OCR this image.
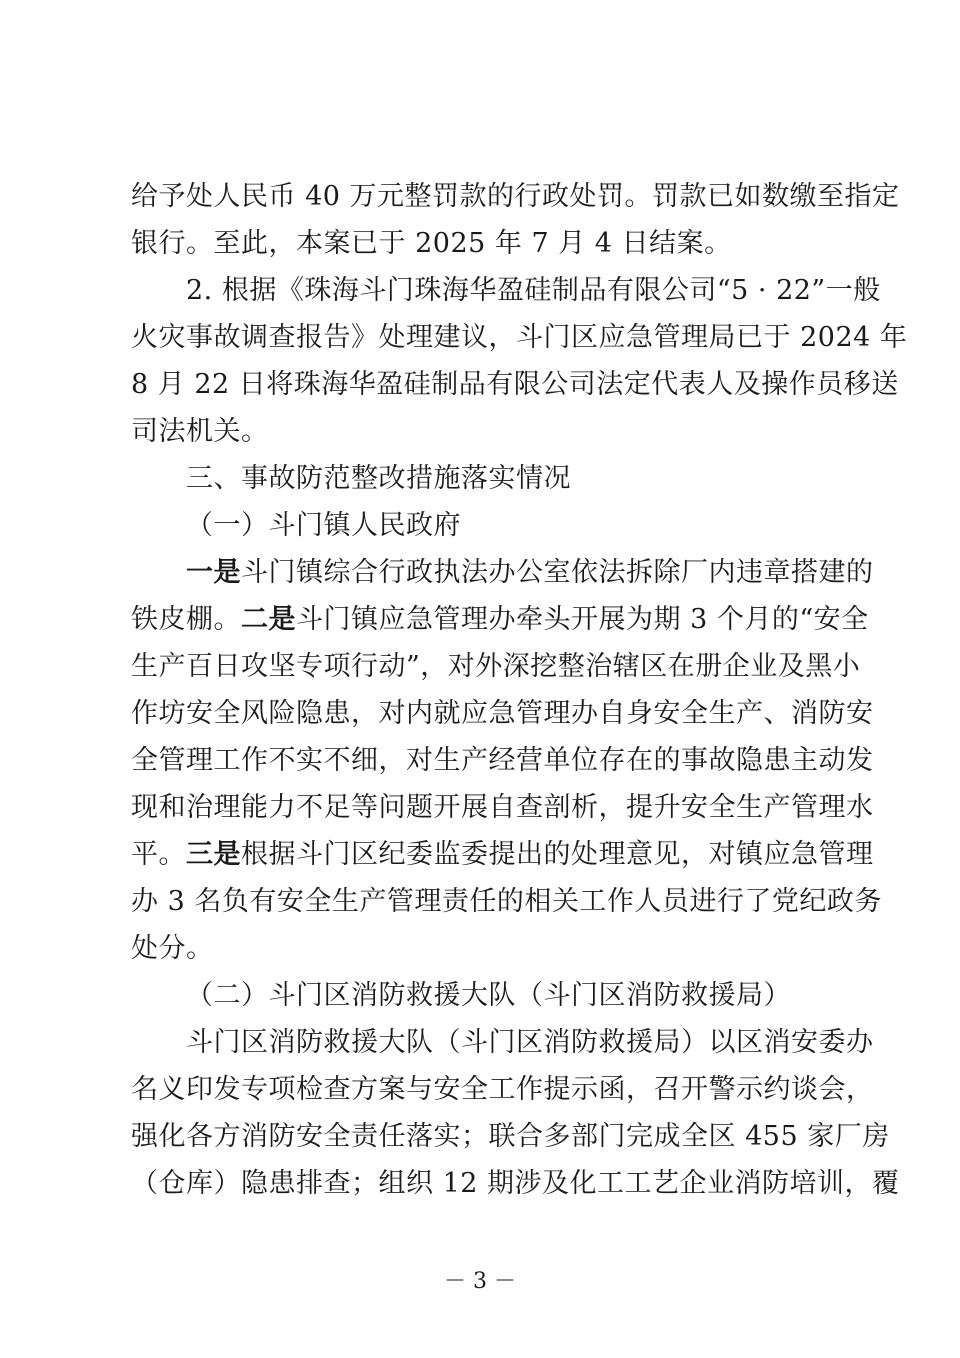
给予处人民币 40 万元整罚款的行政处罚。罚款已如数缴至指定
银行。至此，本案已于 2025 年 7 月 4 日结案。
2. 根据《珠海斗门珠海华盈硅制品有限公司“5 · 22”一般
火灾事故调查报告》处理建议，斗门区应急管理局已于 2024 年
8 月 22 日将珠海华盈硅制品有限公司法定代表人及操作员移送
司法机关。
三、事故防范整改措施落实情况
（一）斗门镇人民政府
一是斗门镇综合行政执法办公室依法拆除厂内违章搭建的
铁皮棚。二是斗门镇应急管理办牵头开展为期 3 个月的“安全
生产百日攻坚专项行动”，对外深挖整治辖区在册企业及黑小
作坊安全风险隐患，对内就应急管理办自身安全生产、消防安
全管理工作不实不细，对生产经营单位存在的事故隐患主动发
现和治理能力不足等问题开展自查剖析，提升安全生产管理水
平。三是根据斗门区纪委监委提出的处理意见，对镇应急管理
办 3 名负有安全生产管理责任的相关工作人员进行了党纪政务
处分。
（二）斗门区消防救援大队（斗门区消防救援局）
斗门区消防救援大队（斗门区消防救援局）以区消安委办
名义印发专项检查方案与安全工作提示函，召开警示约谈会，
强化各方消防安全责任落实；联合多部门完成全区 455 家厂房
（仓库）隐患排查；组织 12 期涉及化工工艺企业消防培训，覆
－ 3 －
